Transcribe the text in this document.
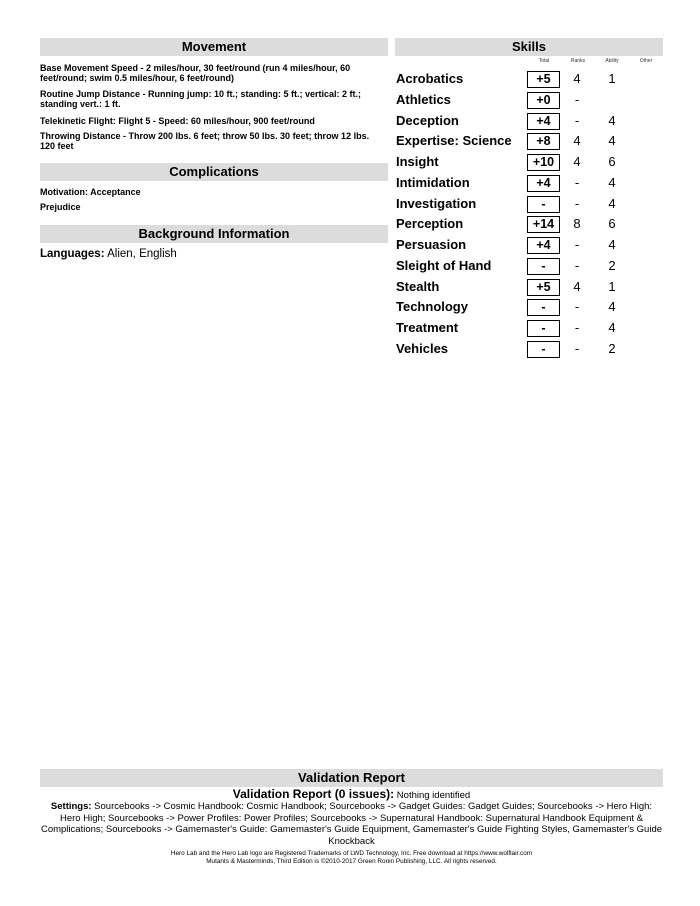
Movement
Base Movement Speed - 2 miles/hour, 30 feet/round (run 4 miles/hour, 60 feet/round; swim 0.5 miles/hour, 6 feet/round)
Routine Jump Distance - Running jump: 10 ft.; standing: 5 ft.; vertical: 2 ft.; standing vert.: 1 ft.
Telekinetic Flight: Flight 5 - Speed: 60 miles/hour, 900 feet/round
Throwing Distance - Throw 200 lbs. 6 feet; throw 50 lbs. 30 feet; throw 12 lbs. 120 feet
Complications
Motivation: Acceptance
Prejudice
Background Information
Languages: Alien, English
Skills
Total	Ranks	Ability	Other
Acrobatics	+5	4	1
Athletics	+0	-
Deception	+4	-	4
Expertise: Science	+8	4	4
Insight	+10	4	6
Intimidation	+4	-	4
Investigation	-	-	4
Perception	+14	8	6
Persuasion	+4	-	4
Sleight of Hand	-	-	2
Stealth	+5	4	1
Technology	-	-	4
Treatment	-	-	4
Vehicles	-	-	2
Validation Report
Validation Report (0 issues): Nothing identified
Settings: Sourcebooks -> Cosmic Handbook: Cosmic Handbook; Sourcebooks -> Gadget Guides: Gadget Guides; Sourcebooks -> Hero High: Hero High; Sourcebooks -> Power Profiles: Power Profiles; Sourcebooks -> Supernatural Handbook: Supernatural Handbook Equipment & Complications; Sourcebooks -> Gamemaster's Guide: Gamemaster's Guide Equipment, Gamemaster's Guide Fighting Styles, Gamemaster's Guide Knockback
Hero Lab and the Hero Lab logo are Registered Trademarks of LWD Technology, Inc. Free download at https://www.wolflair.com
Mutants & Masterminds, Third Edition is ©2010-2017 Green Ronin Publishing, LLC. All rights reserved.
